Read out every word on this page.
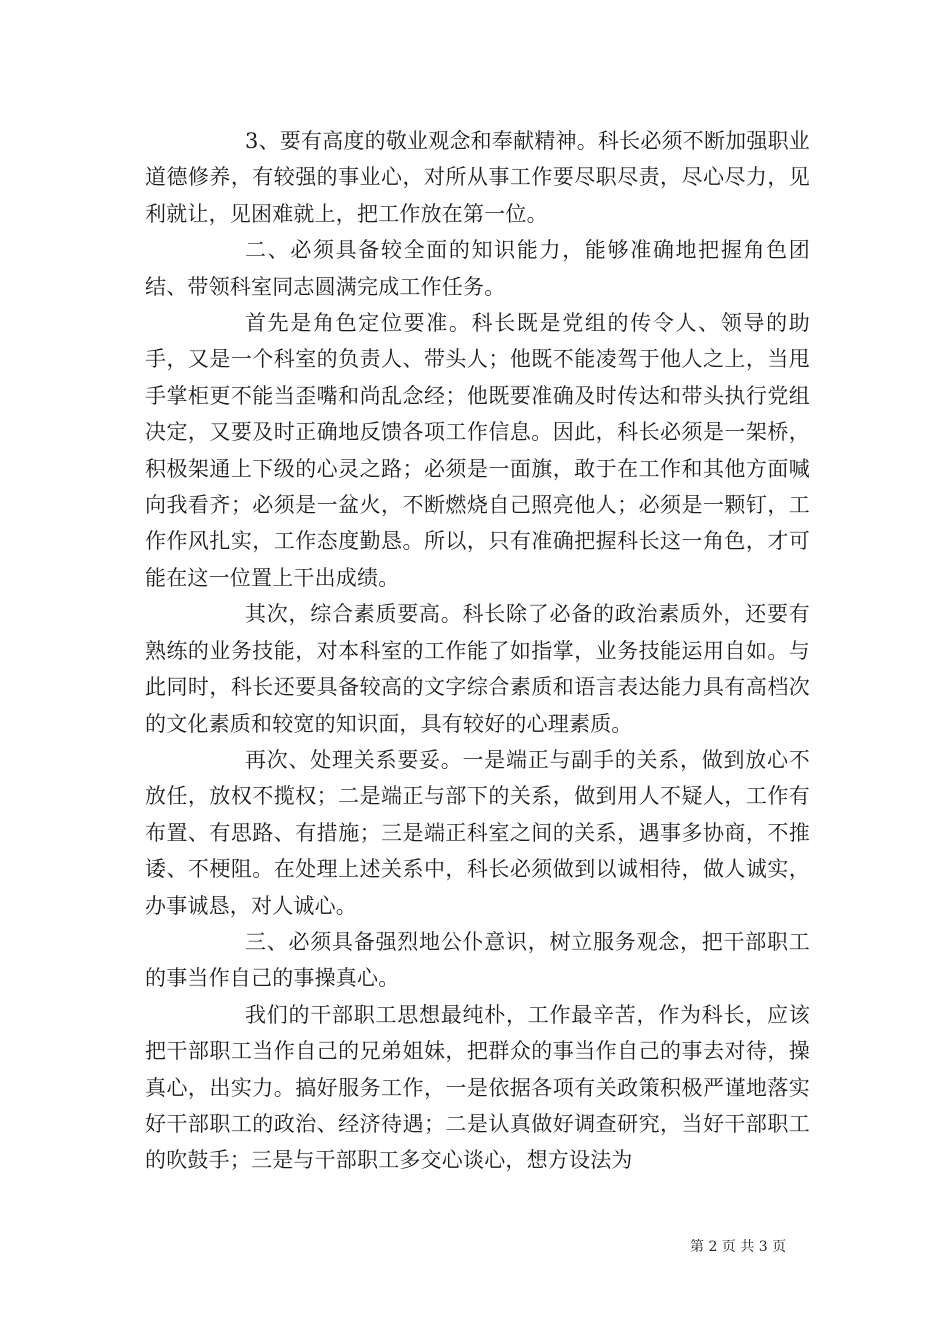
3、要有高度的敬业观念和奉献精神。科长必须不断加强职业道德修养，有较强的事业心，对所从事工作要尽职尽责，尽心尽力，见利就让，见困难就上，把工作放在第一位。

二、必须具备较全面的知识能力，能够准确地把握角色团结、带领科室同志圆满完成工作任务。

首先是角色定位要准。科长既是党组的传令人、领导的助手，又是一个科室的负责人、带头人；他既不能凌驾于他人之上，当甩手掌柜更不能当歪嘴和尚乱念经；他既要准确及时传达和带头执行党组决定，又要及时正确地反馈各项工作信息。因此，科长必须是一架桥，积极架通上下级的心灵之路；必须是一面旗，敢于在工作和其他方面喊向我看齐；必须是一盆火，不断燃烧自己照亮他人；必须是一颗钉，工作作风扎实，工作态度勤恳。所以，只有准确把握科长这一角色，才可能在这一位置上干出成绩。

其次，综合素质要高。科长除了必备的政治素质外，还要有熟练的业务技能，对本科室的工作能了如指掌，业务技能运用自如。与此同时，科长还要具备较高的文字综合素质和语言表达能力具有高档次的文化素质和较宽的知识面，具有较好的心理素质。

再次、处理关系要妥。一是端正与副手的关系，做到放心不放任，放权不揽权；二是端正与部下的关系，做到用人不疑人，工作有布置、有思路、有措施；三是端正科室之间的关系，遇事多协商，不推诿、不梗阻。在处理上述关系中，科长必须做到以诚相待，做人诚实，办事诚恳，对人诚心。

三、必须具备强烈地公仆意识，树立服务观念，把干部职工的事当作自己的事操真心。

我们的干部职工思想最纯朴，工作最辛苦，作为科长，应该把干部职工当作自己的兄弟姐妹，把群众的事当作自己的事去对待，操真心，出实力。搞好服务工作，一是依据各项有关政策积极严谨地落实好干部职工的政治、经济待遇；二是认真做好调查研究，当好干部职工的吹鼓手；三是与干部职工多交心谈心，想方设法为

第 2 页 共 3 页
